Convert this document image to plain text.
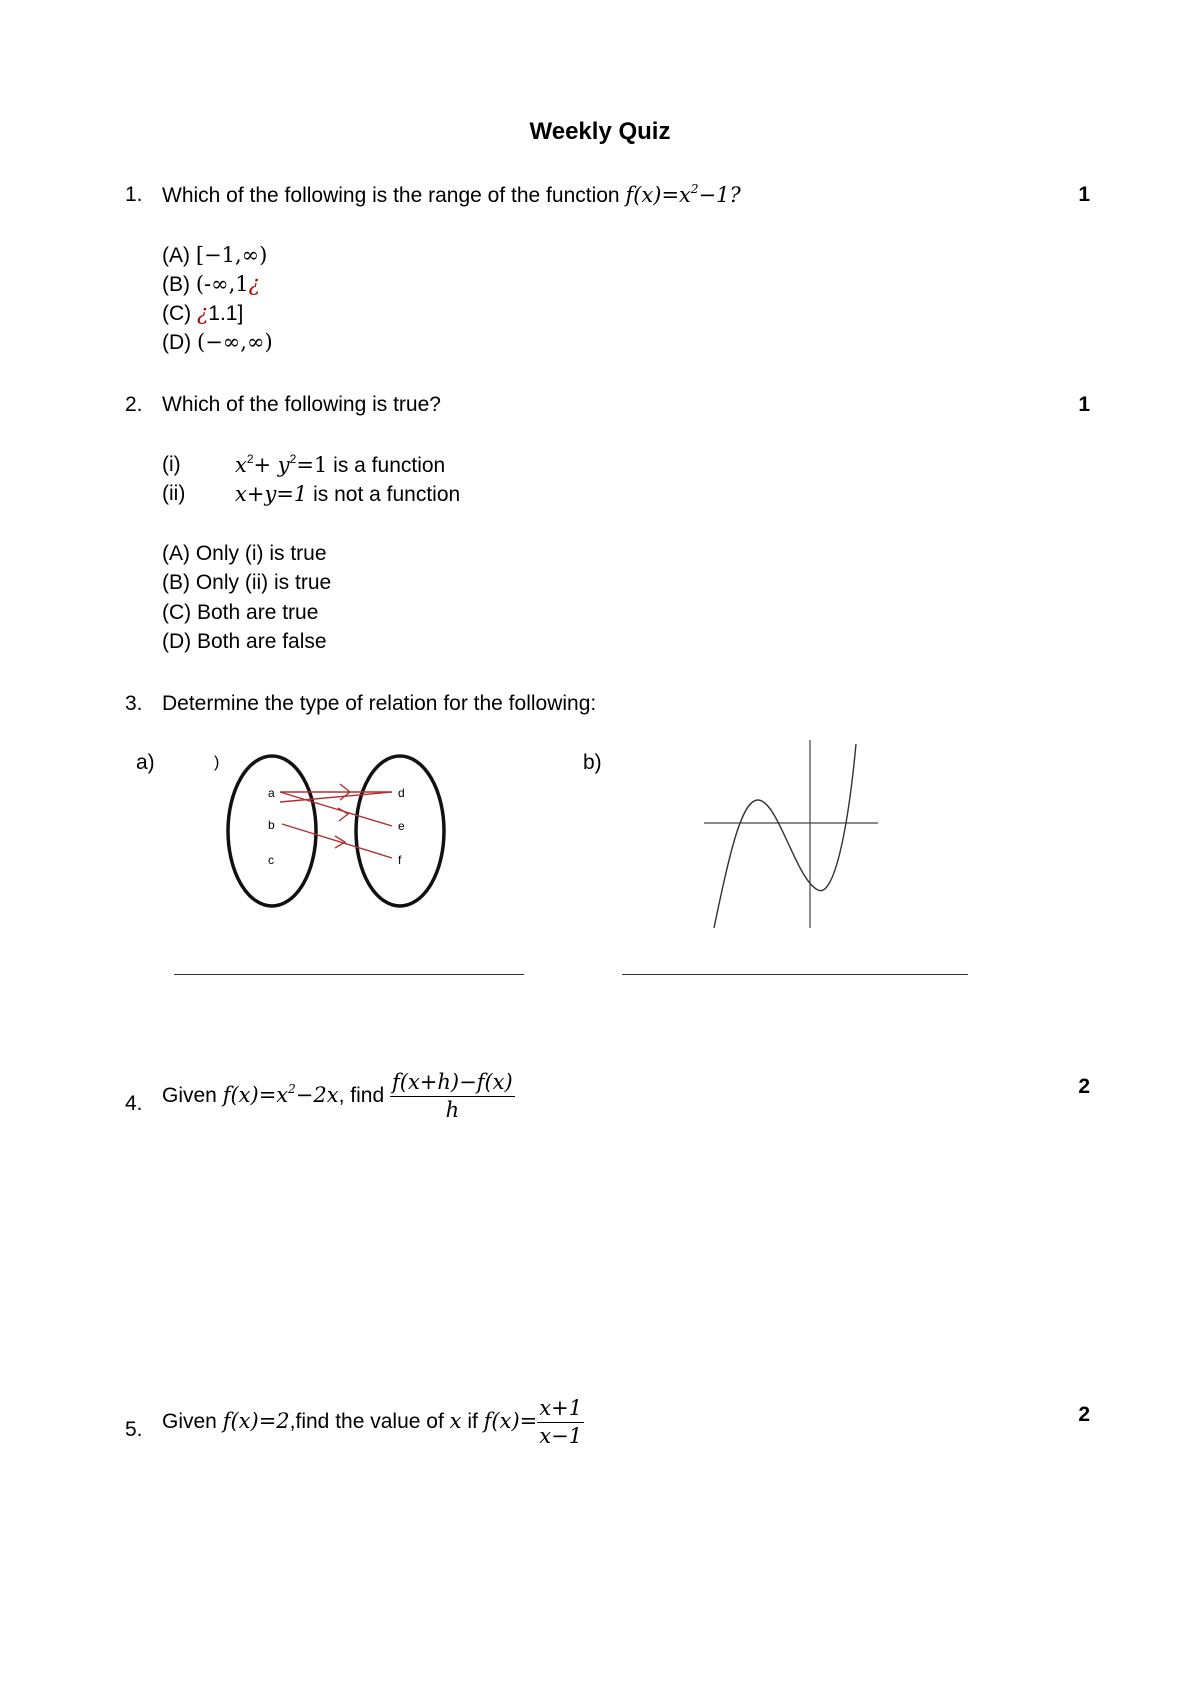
Weekly Quiz
1. Which of the following is the range of the function $f(x)=x^2-1$?	1
(A) [−1,∞)
(B) (-∞,1¿
(C) ¿1.1]
(D) (−∞,∞)
2. Which of the following is true?	1
(i)	$x^2+ y^2=1$ is a function
(ii) x+y=1 is not a function
(A) Only (i) is true
(B) Only (ii) is true
(C) Both are true
(D) Both are false
3. Determine the type of relation for the following:
a)	)	b)
a
b
c
d
e
f
4. Given $f(x)=x^2-2x$, find $\frac{f(x+h)-f(x)}{h}$	2
5. Given f(x)=2,find the value of x if $f(x)= \frac{x+1}{x-1}$	2
